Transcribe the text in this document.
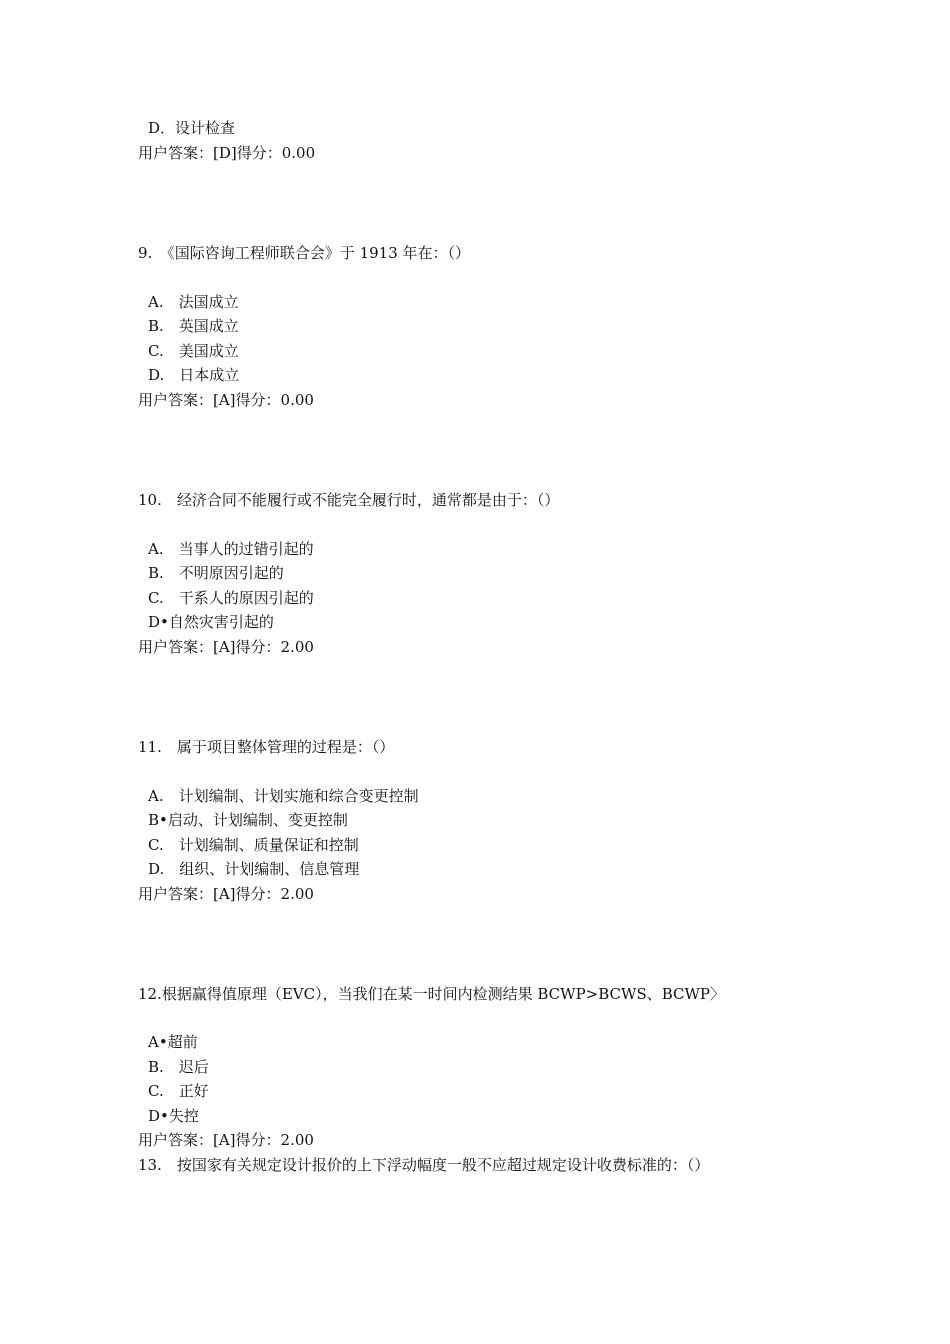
D．设计检查
用户答案：[D]得分：0.00
9.　《国际咨询工程师联合会》于 1913 年在：（）
A.　法国成立
B.　英国成立
C.　美国成立
D.　日本成立
用户答案：[A]得分：0.00
10.　经济合同不能履行或不能完全履行时，通常都是由于：（）
A.　当事人的过错引起的
B.　不明原因引起的
C.　干系人的原因引起的
D•自然灾害引起的
用户答案：[A]得分：2.00
11.　属于项目整体管理的过程是：（）
A.　计划编制、计划实施和综合变更控制
B•启动、计划编制、变更控制
C.　计划编制、质量保证和控制
D.　组织、计划编制、信息管理
用户答案：[A]得分：2.00
12.根据赢得值原理（EVC），当我们在某一时间内检测结果 BCWP>BCWS、BCWP〉
A•超前
B.　迟后
C.　正好
D•失控
用户答案：[A]得分：2.00
13.　按国家有关规定设计报价的上下浮动幅度一般不应超过规定设计收费标准的：（）
